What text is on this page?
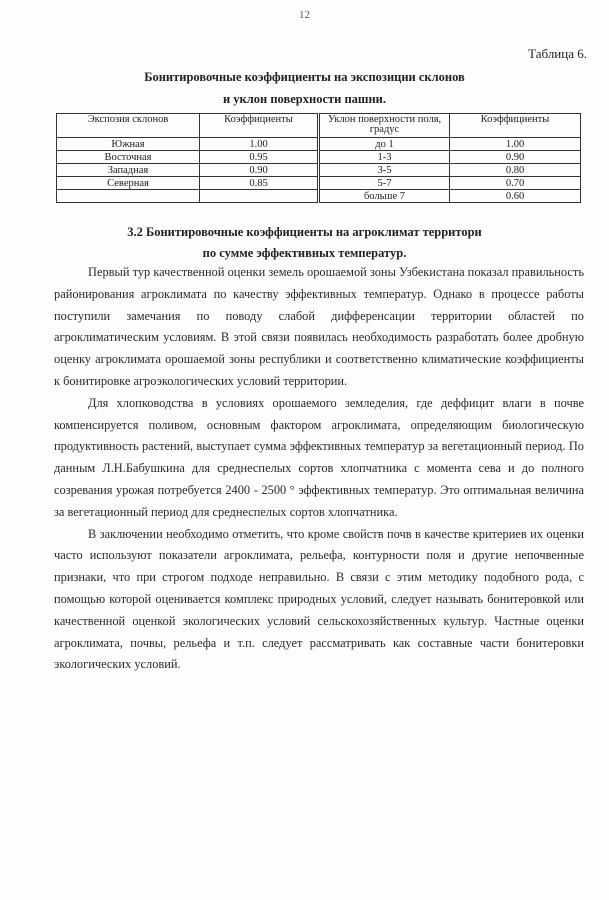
12
Таблица 6.
Бонитировочные коэффициенты на экспозиции склонов
и уклон поверхности пашни.
Экспозия склонов	Коэффициенты	Уклон поверхности поля, градус	Коэффициенты
Южная	1.00	до 1	1.00
Восточная	0.95	1-3	0.90
Западная	0.90	3-5	0.80
Северная	0.85	5-7	0.70
		больше 7	0.60
3.2 Бонитировочные коэффициенты на агроклимат территори
по сумме эффективных температур.

Первый тур качественной оценки земель орошаемой зоны Узбекистана показал правильность районирования агроклимата по качеству эффективных температур. Однако в процессе работы поступили замечания по поводу слабой дифференсации территории областей по агроклиматическим условиям. В этой связи появилась необходимость разработать более дробную оценку агроклимата орошаемой зоны республики и соответственно климатические коэффициенты к бонитировке агроэкологических условий территории.

Для хлопководства в условиях орошаемого земледелия, где деффицит влаги в почве компенсируется поливом, основным фактором агроклимата, определяющим биологическую продуктивность растений, выступает сумма эффективных температур за вегетационный период. По данным Л.Н.Бабушкина для среднеспелых сортов хлопчатника с момента сева и до полного созревания урожая потребуется 2400 - 2500 ° эффективных температур. Это оптимальная величина за вегетационный период для среднеспелых сортов хлопчатника.

В заключении необходимо отметить, что кроме свойств почв в качестве критериев их оценки часто используют показатели агроклимата, рельефа, контурности поля и другие непочвенные признаки, что при строгом подходе неправильно. В связи с этим методику подобного рода, с помощью которой оценивается комплекс природных условий, следует называть бонитеровкой или качественной оценкой экологических условий сельскохозяйственных культур. Частные оценки агроклимата, почвы, рельефа и т.п. следует рассматривать как составные части бонитеровки экологических условий.
